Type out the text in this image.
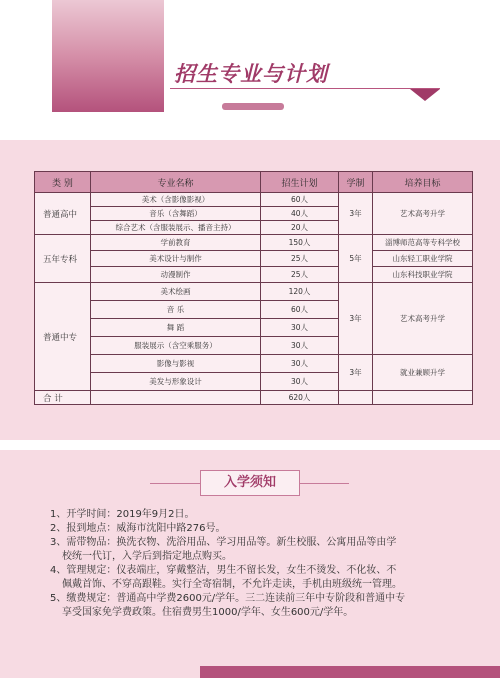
招生专业与计划
类 别	专业名称	招生计划	学制	培养目标
普通高中	美术（含影像影视）	60人	3年	艺术高考升学
	音乐（含舞蹈）	40人		
	综合艺术（含服装展示、播音主持）	20人		
五年专科	学前教育	150人	5年	淄博师范高等专科学校
	美术设计与制作	25人		山东轻工职业学院
	动漫制作	25人		山东科技职业学院
普通中专	美术绘画	120人	3年	艺术高考升学
	音 乐	60人		
	舞 蹈	30人		
	服装展示（含空乘服务）	30人		
	影像与影视	30人	3年	就业兼顾升学
	美发与形象设计	30人		
合 计		620人		
入学须知
1、开学时间：2019年9月2日。
2、报到地点：威海市沈阳中路276号。
3、需带物品：换洗衣物、洗浴用品、学习用品等。新生校服、公寓用品等由学
校统一代订，入学后到指定地点购买。
4、管理规定：仪表端庄，穿戴整洁，男生不留长发，女生不烫发、不化妆、不
佩戴首饰、不穿高跟鞋。实行全寄宿制，不允许走读，手机由班级统一管理。
5、缴费规定：普通高中学费2600元/学年。三二连读前三年中专阶段和普通中专
享受国家免学费政策。住宿费男生1000/学年、女生600元/学年。
